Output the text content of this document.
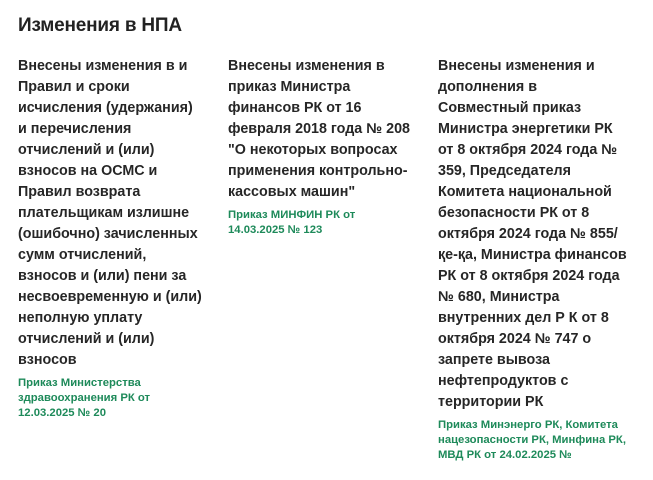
Изменения в НПА
Внесены изменения в и Правил и сроки исчисления (удержания) и перечисления отчислений и (или) взносов на ОСМС и Правил возврата плательщикам излишне (ошибочно) зачисленных сумм отчислений, взносов и (или) пени за несвоевременную и (или) неполную уплату отчислений и (или) взносов
Приказ Министерства здравоохранения РК от 12.03.2025 № 20
Внесены изменения в приказ Министра финансов РК от 16 февраля 2018 года № 208 "О некоторых вопросах применения контрольно-кассовых машин"
Приказ МИНФИН РК от 14.03.2025 № 123
Внесены изменения и дополнения в Совместный приказ Министра энергетики РК от 8 октября 2024 года № 359, Председателя Комитета национальной безопасности РК от 8 октября 2024 года № 855/қе-қа, Министра финансов РК от 8 октября 2024 года № 680, Министра внутренних дел Р К от 8 октября 2024 № 747 о запрете вывоза нефтепродуктов с территории РК
Приказ Минэнерго РК, Комитета нацезопасности РК, Минфина РК, МВД РК от 24.02.2025 №
